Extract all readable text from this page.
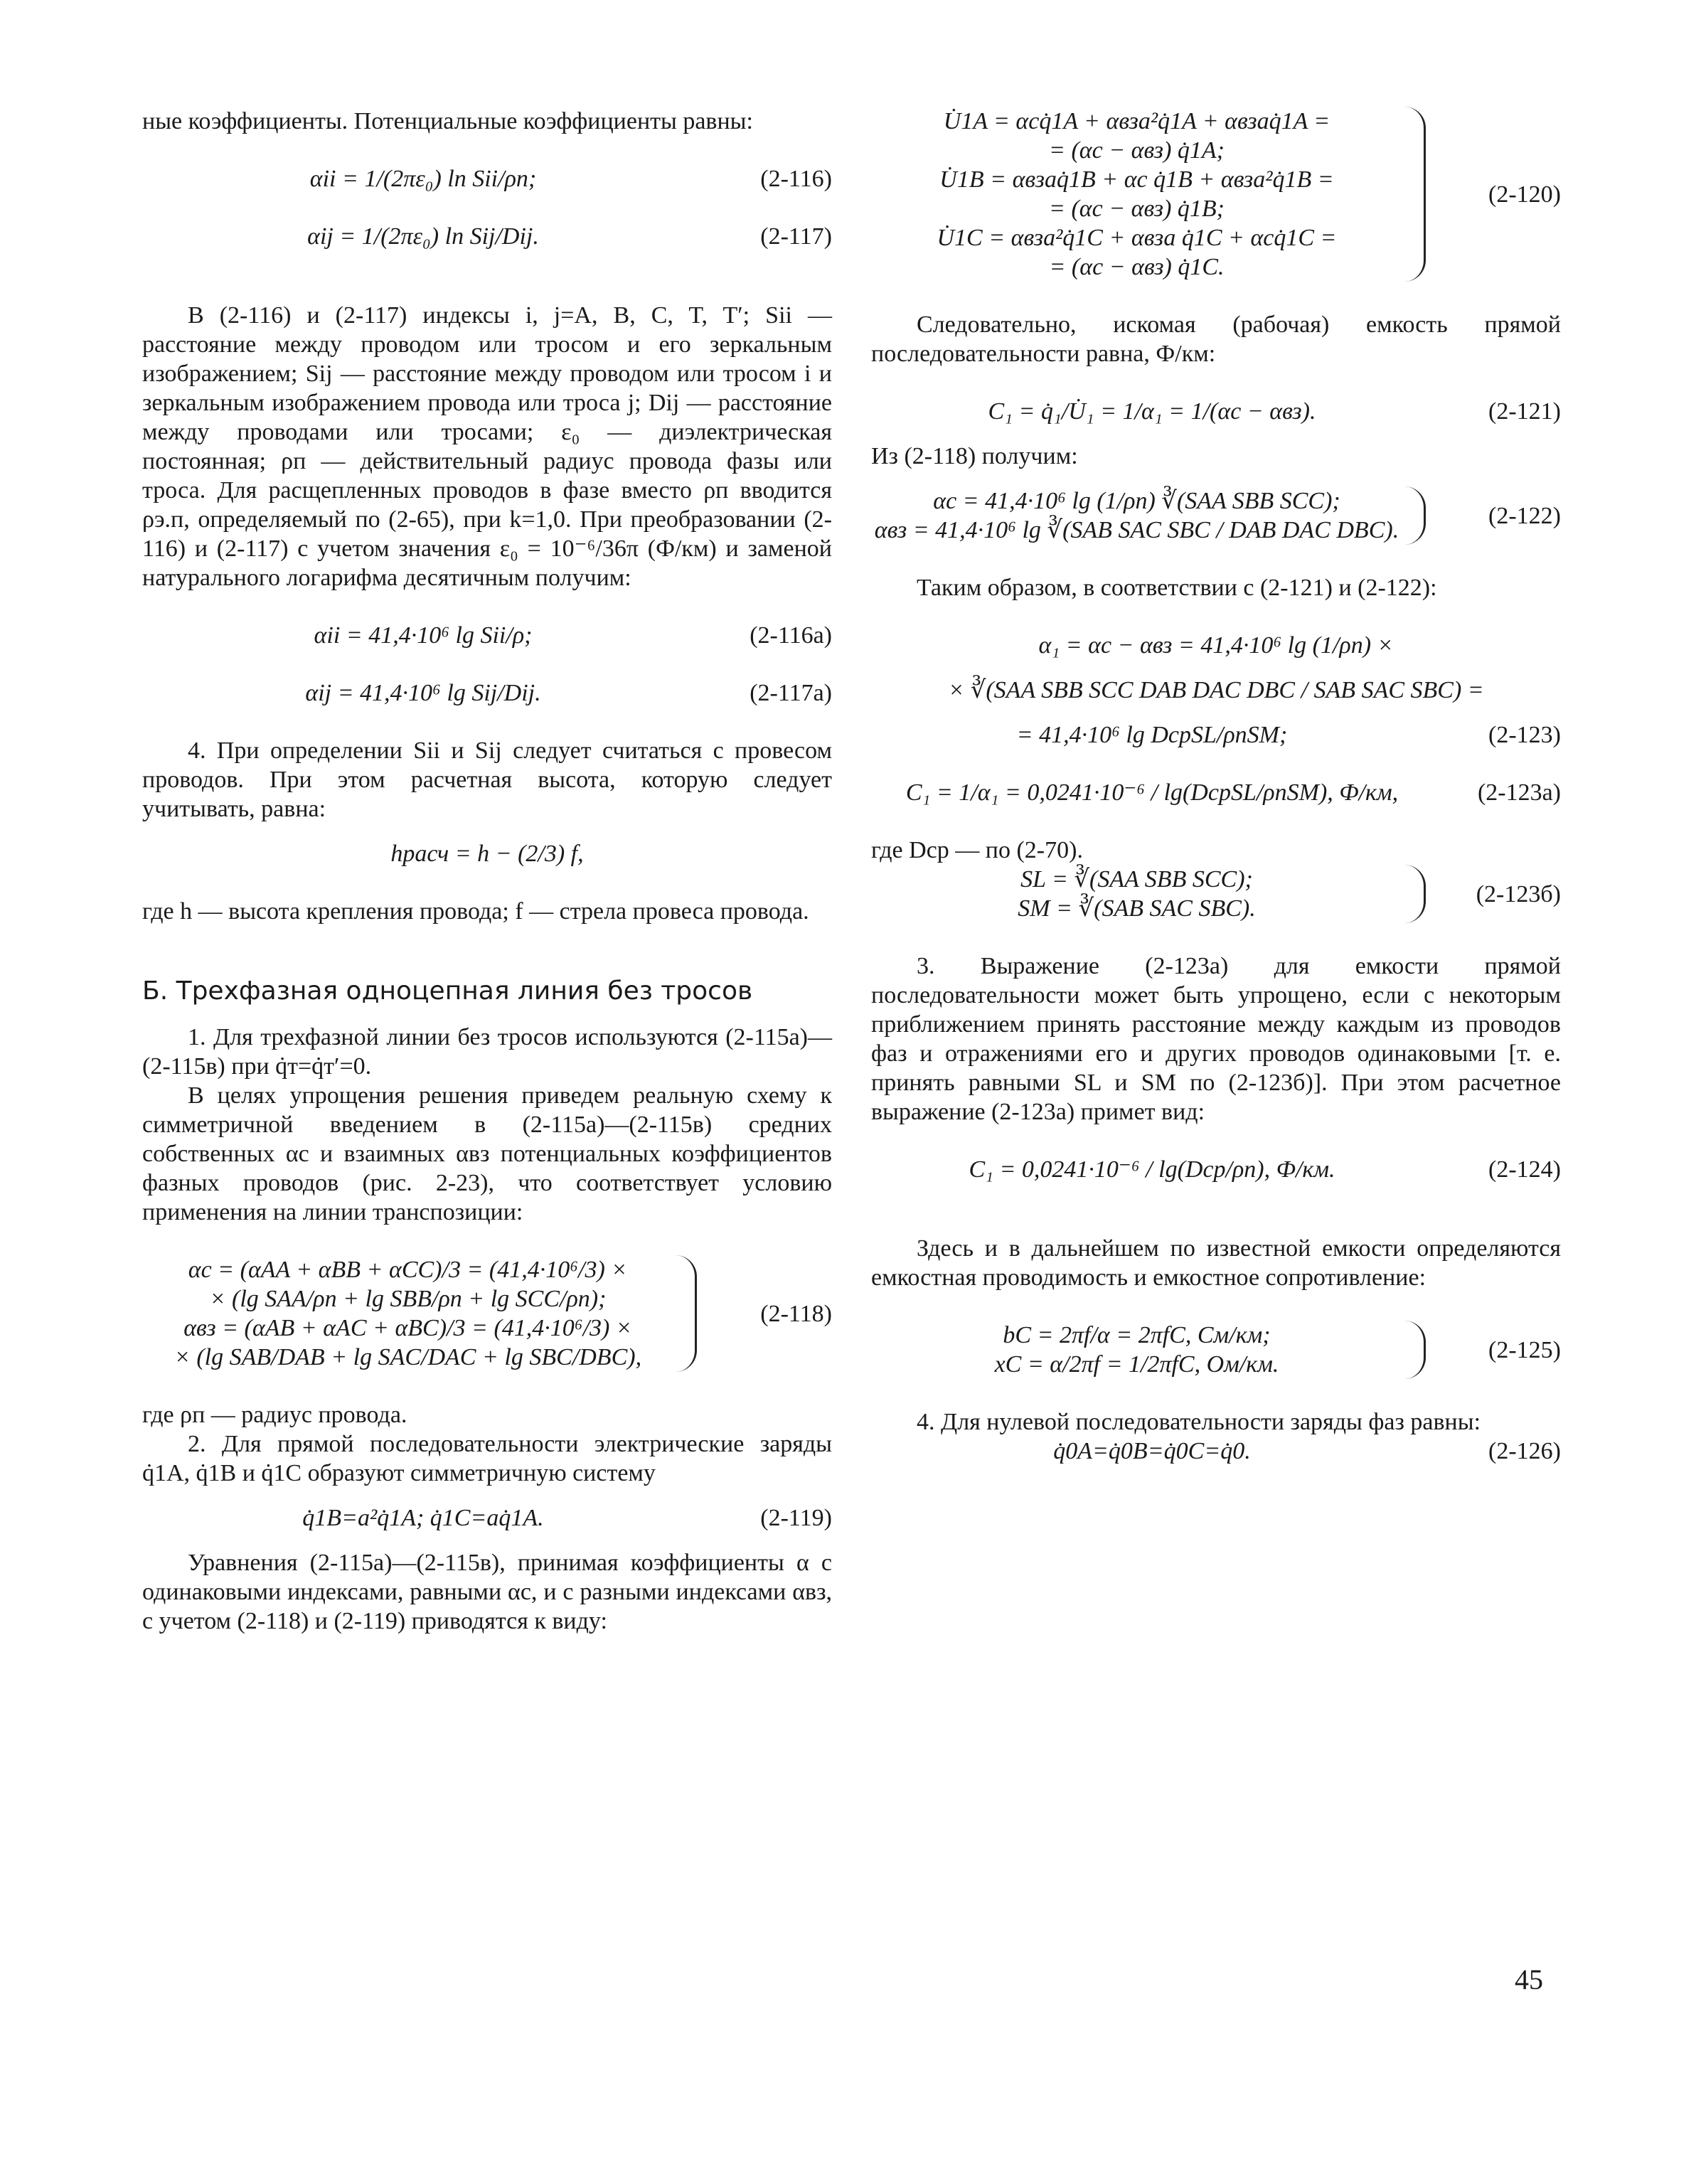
ные коэффициенты. Потенциальные коэффициенты равны:

αii = 1/(2πε₀) ln Sii/ρп;	(2-116)
αij = 1/(2πε₀) ln Sij/Dij.	(2-117)

В (2-116) и (2-117) индексы i, j=A, B, C, T, T′; Sii — расстояние между проводом или тросом и его зеркальным изображением; Sij — расстояние между проводом или тросом i и зеркальным изображением провода или троса j; Dij — расстояние между проводами или тросами; ε₀ — диэлектрическая постоянная; ρп — действительный радиус провода фазы или троса. Для расщепленных проводов в фазе вместо ρп вводится ρэ.п, определяемый по (2-65), при k=1,0. При преобразовании (2-116) и (2-117) с учетом значения ε₀ = 10⁻⁶/36π (Ф/км) и заменой натурального логарифма десятичным получим:

αii = 41,4·10⁶ lg Sii/ρ;	(2-116а)
αij = 41,4·10⁶ lg Sij/Dij.	(2-117а)

4. При определении Sii и Sij следует считаться с провесом проводов. При этом расчетная высота, которую следует учитывать, равна:

hрасч = h − (2/3) f,

где h — высота крепления провода; f — стрела провеса провода.

Б. Трехфазная одноцепная линия без тросов

1. Для трехфазной линии без тросов используются (2-115а)—(2-115в) при q̇т=q̇т′=0.

В целях упрощения решения приведем реальную схему к симметричной введением в (2-115а)—(2-115в) средних собственных αс и взаимных αвз потенциальных коэффициентов фазных проводов (рис. 2-23), что соответствует условию применения на линии транспозиции:

αс = (αAA + αBB + αCC)/3 = (41,4·10⁶/3) ×
× (lg SAA/ρп + lg SBB/ρп + lg SCC/ρп);
αвз = (αAB + αAC + αBC)/3 = (41,4·10⁶/3) ×
× (lg SAB/DAB + lg SAC/DAC + lg SBC/DBC),
(2-118)

где ρп — радиус провода.

2. Для прямой последовательности электрические заряды q̇1A, q̇1B и q̇1C образуют симметричную систему

q̇1B=a²q̇1A; q̇1C=aq̇1A.	(2-119)

Уравнения (2-115а)—(2-115в), принимая коэффициенты α с одинаковыми индексами, равными αс, и с разными индексами αвз, с учетом (2-118) и (2-119) приводятся к виду:

U̇1A = αсq̇1A + αвзa²q̇1A + αвзaq̇1A =
= (αс − αвз) q̇1A;
U̇1B = αвзaq̇1B + αс q̇1B + αвзa²q̇1B =
= (αс − αвз) q̇1B;
U̇1C = αвзa²q̇1C + αвзa q̇1C + αсq̇1C =
= (αс − αвз) q̇1C.
(2-120)

Следовательно, искомая (рабочая) емкость прямой последовательности равна, Ф/км:

C₁ = q̇₁/U̇₁ = 1/α₁ = 1/(αс − αвз).	(2-121)

Из (2-118) получим:

αс = 41,4·10⁶ lg (1/ρп) ∛(SAA SBB SCC);
αвз = 41,4·10⁶ lg ∛(SAB SAC SBC / DAB DAC DBC).
(2-122)

Таким образом, в соответствии с (2-121) и (2-122):

α₁ = αс − αвз = 41,4·10⁶ lg (1/ρп) ×
× ∛(SAA SBB SCC DAB DAC DBC / SAB SAC SBC) =
= 41,4·10⁶ lg DсрSL/ρпSM;	(2-123)
C₁ = 1/α₁ = 0,0241·10⁻⁶ / lg(DсрSL/ρпSM), Ф/км,	(2-123а)

где Dср — по (2-70).

SL = ∛(SAA SBB SCC);
SM = ∛(SAB SAC SBC).
(2-123б)

3. Выражение (2-123а) для емкости прямой последовательности может быть упрощено, если с некоторым приближением принять расстояние между каждым из проводов фаз и отражениями его и других проводов одинаковыми [т. е. принять равными SL и SM по (2-123б)]. При этом расчетное выражение (2-123а) примет вид:

C₁ = 0,0241·10⁻⁶ / lg(Dср/ρп), Ф/км.	(2-124)

Здесь и в дальнейшем по известной емкости определяются емкостная проводимость и емкостное сопротивление:

bC = 2πf/α = 2πfC, См/км;
xC = α/2πf = 1/2πfC, Ом/км.
(2-125)

4. Для нулевой последовательности заряды фаз равны:

q̇0A=q̇0B=q̇0C=q̇0.	(2-126)
45
